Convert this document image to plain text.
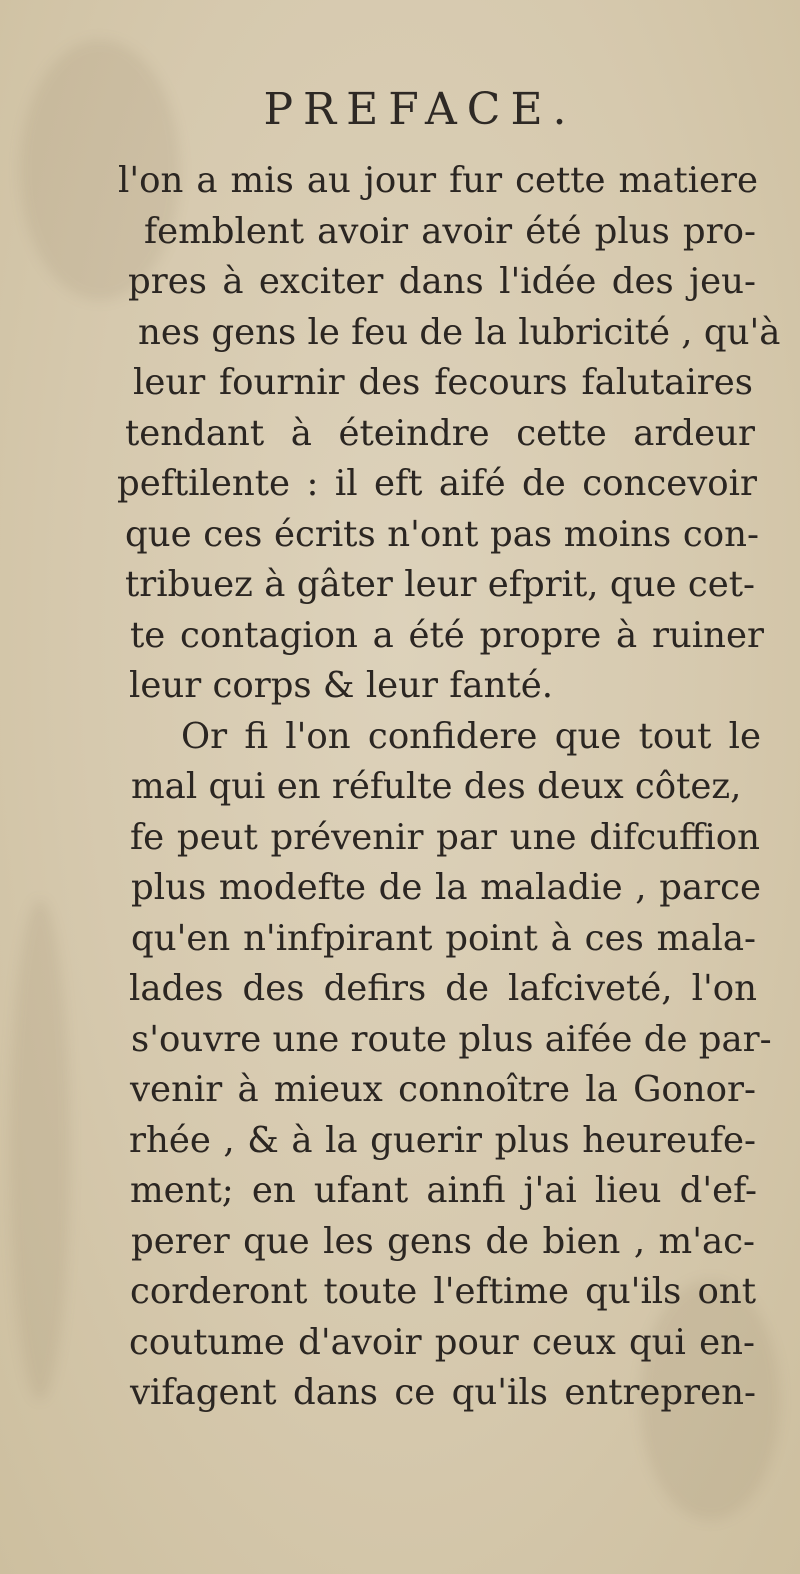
PREFACE.
l'on a mis au jour fur cette matiere
femblent avoir avoir été plus pro-
pres à exciter dans l'idée des jeu-
nes gens le feu de la lubricité , qu'à
leur fournir des fecours falutaires
tendant à éteindre cette ardeur
peftilente : il eft aifé de concevoir
que ces écrits n'ont pas moins con-
tribuez à gâter leur efprit, que cet-
te contagion a été propre à ruiner
leur corps & leur fanté.
Or fi l'on confidere que tout le
mal qui en réfulte des deux côtez,
fe peut prévenir par une difcuffion
plus modefte de la maladie , parce
qu'en n'infpirant point à ces mala-
lades des defirs de lafciveté, l'on
s'ouvre une route plus aifée de par-
venir à mieux connoître la Gonor-
rhée , & à la guerir plus heureufe-
ment; en ufant ainfi j'ai lieu d'ef-
perer que les gens de bien , m'ac-
corderont toute l'eftime qu'ils ont
coutume d'avoir pour ceux qui en-
vifagent dans ce qu'ils entrepren-
